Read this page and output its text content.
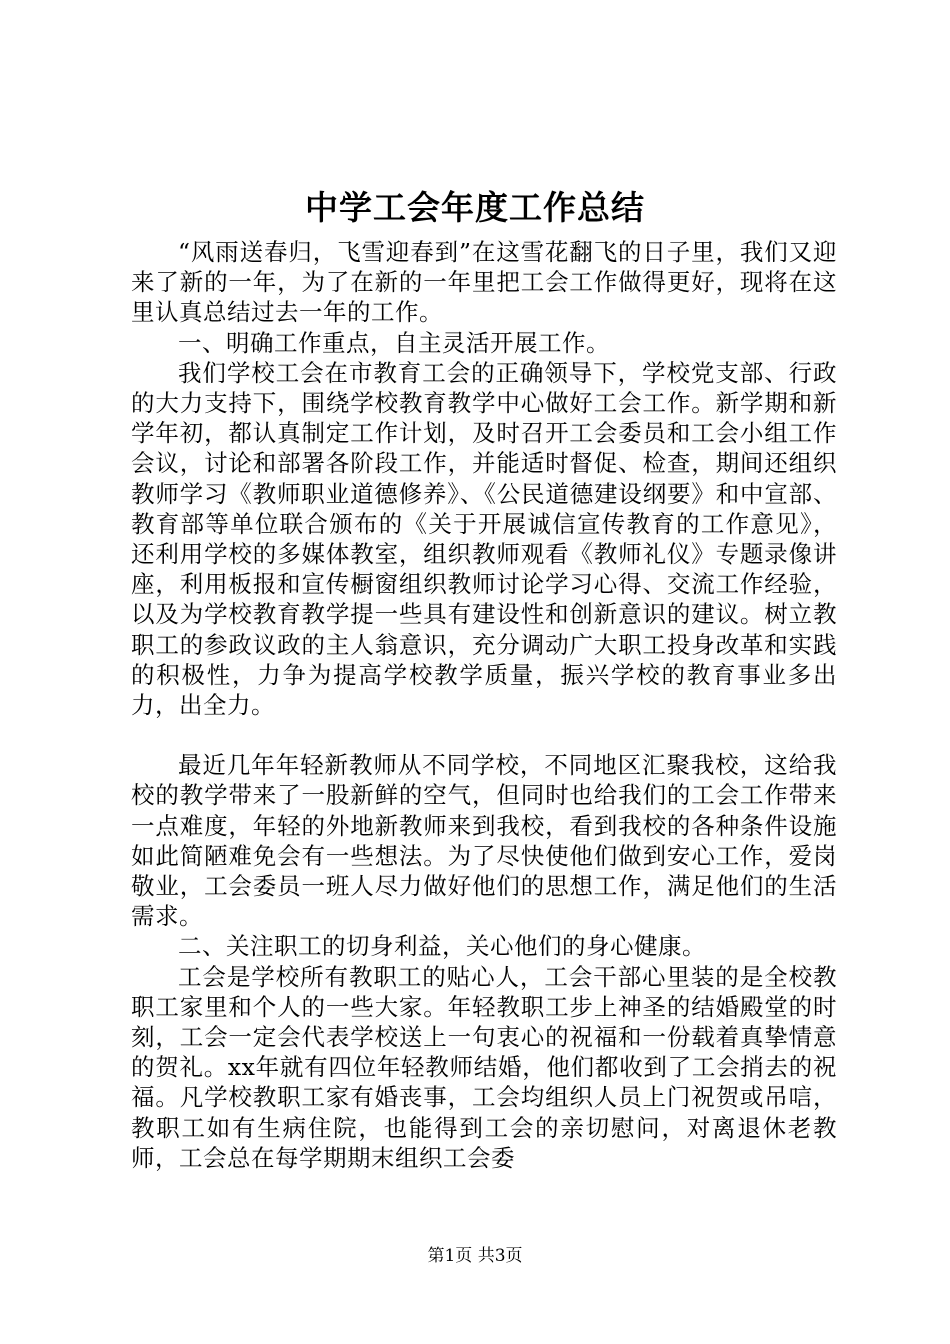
中学工会年度工作总结

“风雨送春归，飞雪迎春到”在这雪花翻飞的日子里，我们又迎来了新的一年，为了在新的一年里把工会工作做得更好，现将在这里认真总结过去一年的工作。

一、明确工作重点，自主灵活开展工作。

我们学校工会在市教育工会的正确领导下，学校党支部、行政的大力支持下，围绕学校教育教学中心做好工会工作。新学期和新学年初，都认真制定工作计划，及时召开工会委员和工会小组工作会议，讨论和部署各阶段工作，并能适时督促、检查，期间还组织教师学习《教师职业道德修养》、《公民道德建设纲要》和中宣部、教育部等单位联合颁布的《关于开展诚信宣传教育的工作意见》，还利用学校的多媒体教室，组织教师观看《教师礼仪》专题录像讲座，利用板报和宣传橱窗组织教师讨论学习心得、交流工作经验，以及为学校教育教学提一些具有建设性和创新意识的建议。树立教职工的参政议政的主人翁意识，充分调动广大职工投身改革和实践的积极性，力争为提高学校教学质量，振兴学校的教育事业多出力，出全力。

最近几年年轻新教师从不同学校，不同地区汇聚我校，这给我校的教学带来了一股新鲜的空气，但同时也给我们的工会工作带来一点难度，年轻的外地新教师来到我校，看到我校的各种条件设施如此简陋难免会有一些想法。为了尽快使他们做到安心工作，爱岗敬业，工会委员一班人尽力做好他们的思想工作，满足他们的生活需求。

二、关注职工的切身利益，关心他们的身心健康。

工会是学校所有教职工的贴心人，工会干部心里装的是全校教职工家里和个人的一些大家。年轻教职工步上神圣的结婚殿堂的时刻，工会一定会代表学校送上一句衷心的祝福和一份载着真挚情意的贺礼。xx年就有四位年轻教师结婚，他们都收到了工会捎去的祝福。凡学校教职工家有婚丧事，工会均组织人员上门祝贺或吊唁，教职工如有生病住院，也能得到工会的亲切慰问，对离退休老教师，工会总在每学期期末组织工会委

第1页 共3页
